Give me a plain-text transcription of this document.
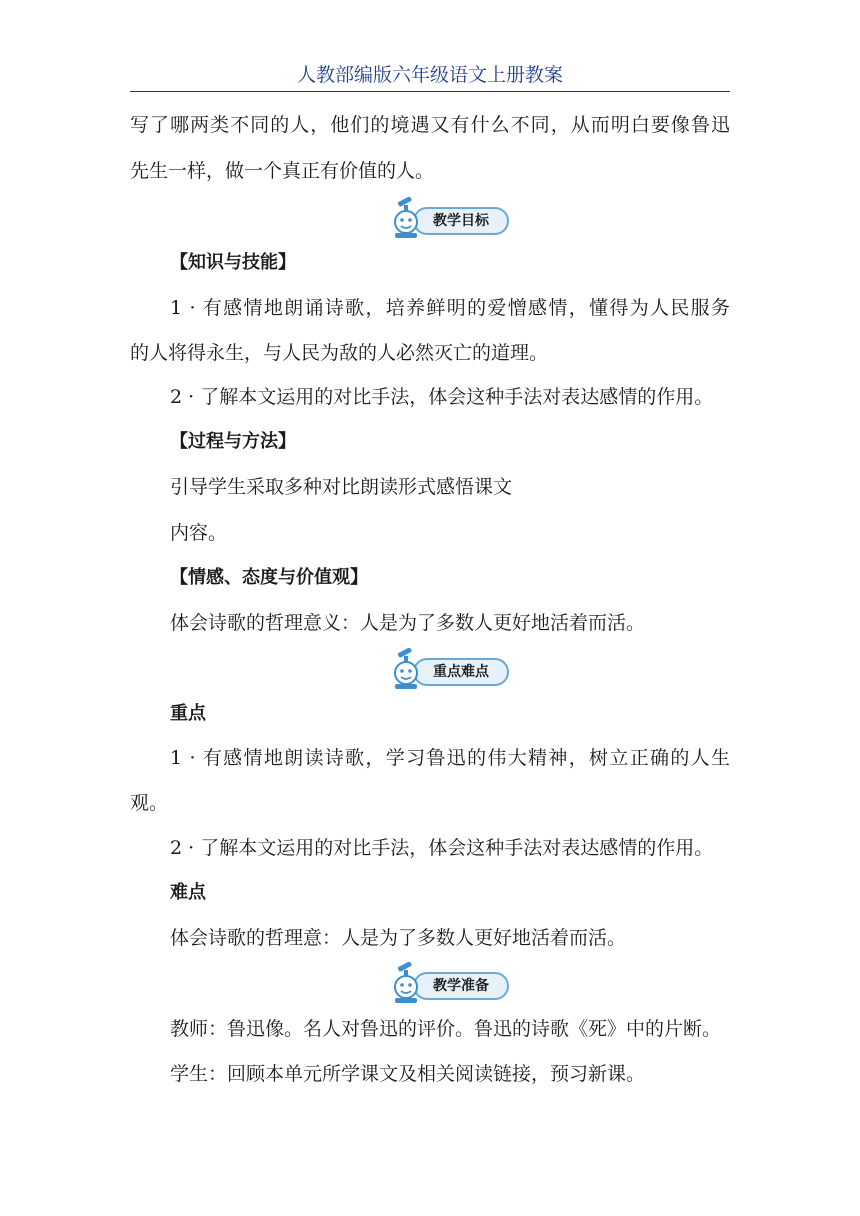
人教部编版六年级语文上册教案
写了哪两类不同的人，他们的境遇又有什么不同，从而明白要像鲁迅
先生一样，做一个真正有价值的人。
教学目标
【知识与技能】
1 · 有感情地朗诵诗歌，培养鲜明的爱憎感情，懂得为人民服务
的人将得永生，与人民为敌的人必然灭亡的道理。
2 · 了解本文运用的对比手法，体会这种手法对表达感情的作用。
【过程与方法】
引导学生采取多种对比朗读形式感悟课文
内容。
【情感、态度与价值观】
体会诗歌的哲理意义：人是为了多数人更好地活着而活。
重点难点
重点
1 · 有感情地朗读诗歌，学习鲁迅的伟大精神，树立正确的人生
观。
2 · 了解本文运用的对比手法，体会这种手法对表达感情的作用。
难点
体会诗歌的哲理意：人是为了多数人更好地活着而活。
教学准备
教师：鲁迅像。名人对鲁迅的评价。鲁迅的诗歌《死》中的片断。
学生：回顾本单元所学课文及相关阅读链接，预习新课。
